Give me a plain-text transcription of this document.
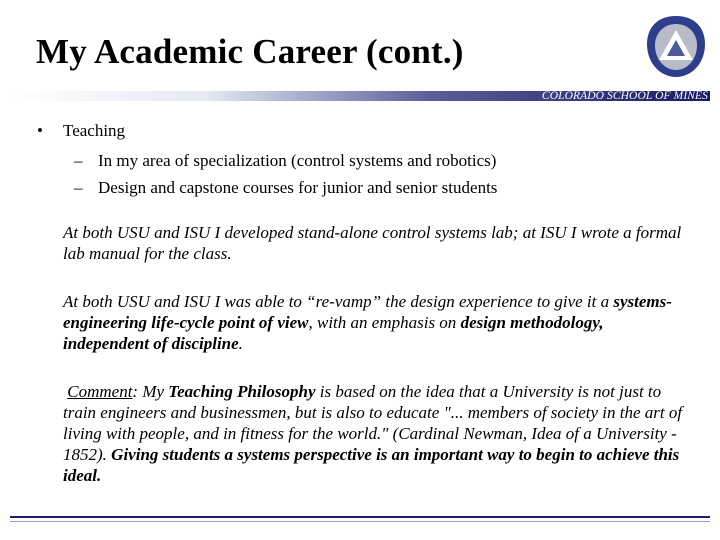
My Academic Career (cont.)
COLORADO SCHOOL OF MINES
• Teaching
– In my area of specialization (control systems and robotics)
– Design and capstone courses for junior and senior students

At both USU and ISU I developed stand-alone control systems lab; at ISU I wrote a formal lab manual for the class.

At both USU and ISU I was able to “re-vamp” the design experience to give it a systems-engineering life-cycle point of view, with an emphasis on design methodology, independent of discipline.

Comment: My Teaching Philosophy is based on the idea that a University is not just to train engineers and businessmen, but is also to educate "... members of society in the art of living with people, and in fitness for the world." (Cardinal Newman, Idea of a University - 1852). Giving students a systems perspective is an important way to begin to achieve this ideal.
